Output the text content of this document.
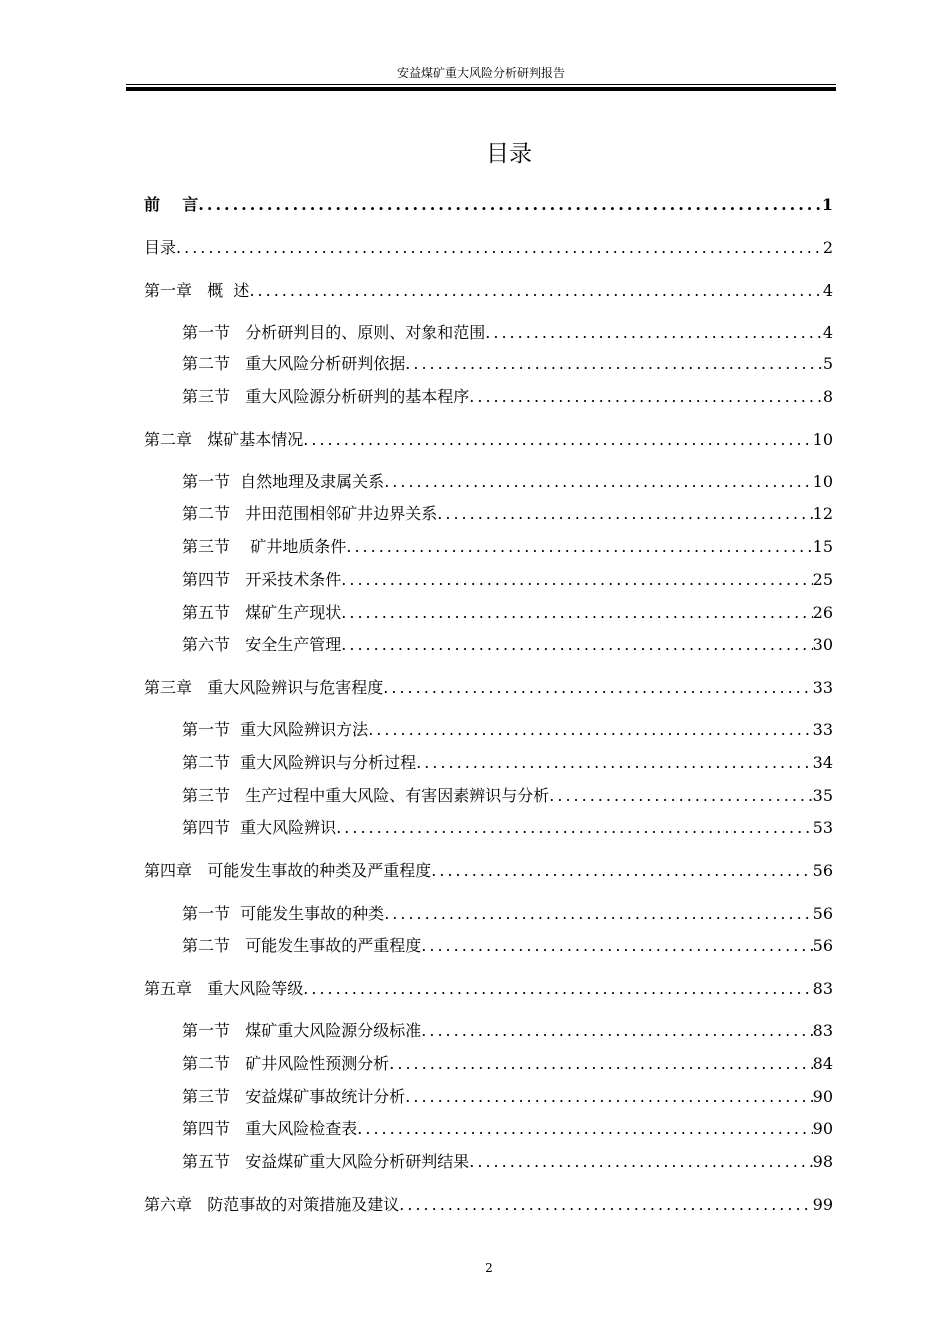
安益煤矿重大风险分析研判报告
目录
前    言 .....	1
目录 .....	2
第一章   概  述 .....	4
第一节   分析研判目的、原则、对象和范围 .....	4
第二节   重大风险分析研判依据 .....	5
第三节   重大风险源分析研判的基本程序 .....	8
第二章   煤矿基本情况 .....	10
第一节  自然地理及隶属关系 .....	10
第二节   井田范围相邻矿井边界关系 .....	12
第三节    矿井地质条件 .....	15
第四节   开采技术条件 .....	25
第五节   煤矿生产现状 .....	26
第六节   安全生产管理 .....	30
第三章   重大风险辨识与危害程度 .....	33
第一节  重大风险辨识方法 .....	33
第二节  重大风险辨识与分析过程 .....	34
第三节   生产过程中重大风险、有害因素辨识与分析 .....	35
第四节  重大风险辨识 .....	53
第四章   可能发生事故的种类及严重程度 .....	56
第一节  可能发生事故的种类 .....	56
第二节   可能发生事故的严重程度 .....	56
第五章   重大风险等级 .....	83
第一节   煤矿重大风险源分级标准 .....	83
第二节   矿井风险性预测分析 .....	84
第三节   安益煤矿事故统计分析 .....	90
第四节   重大风险检查表 .....	90
第五节   安益煤矿重大风险分析研判结果 .....	98
第六章   防范事故的对策措施及建议 .....	99
2
